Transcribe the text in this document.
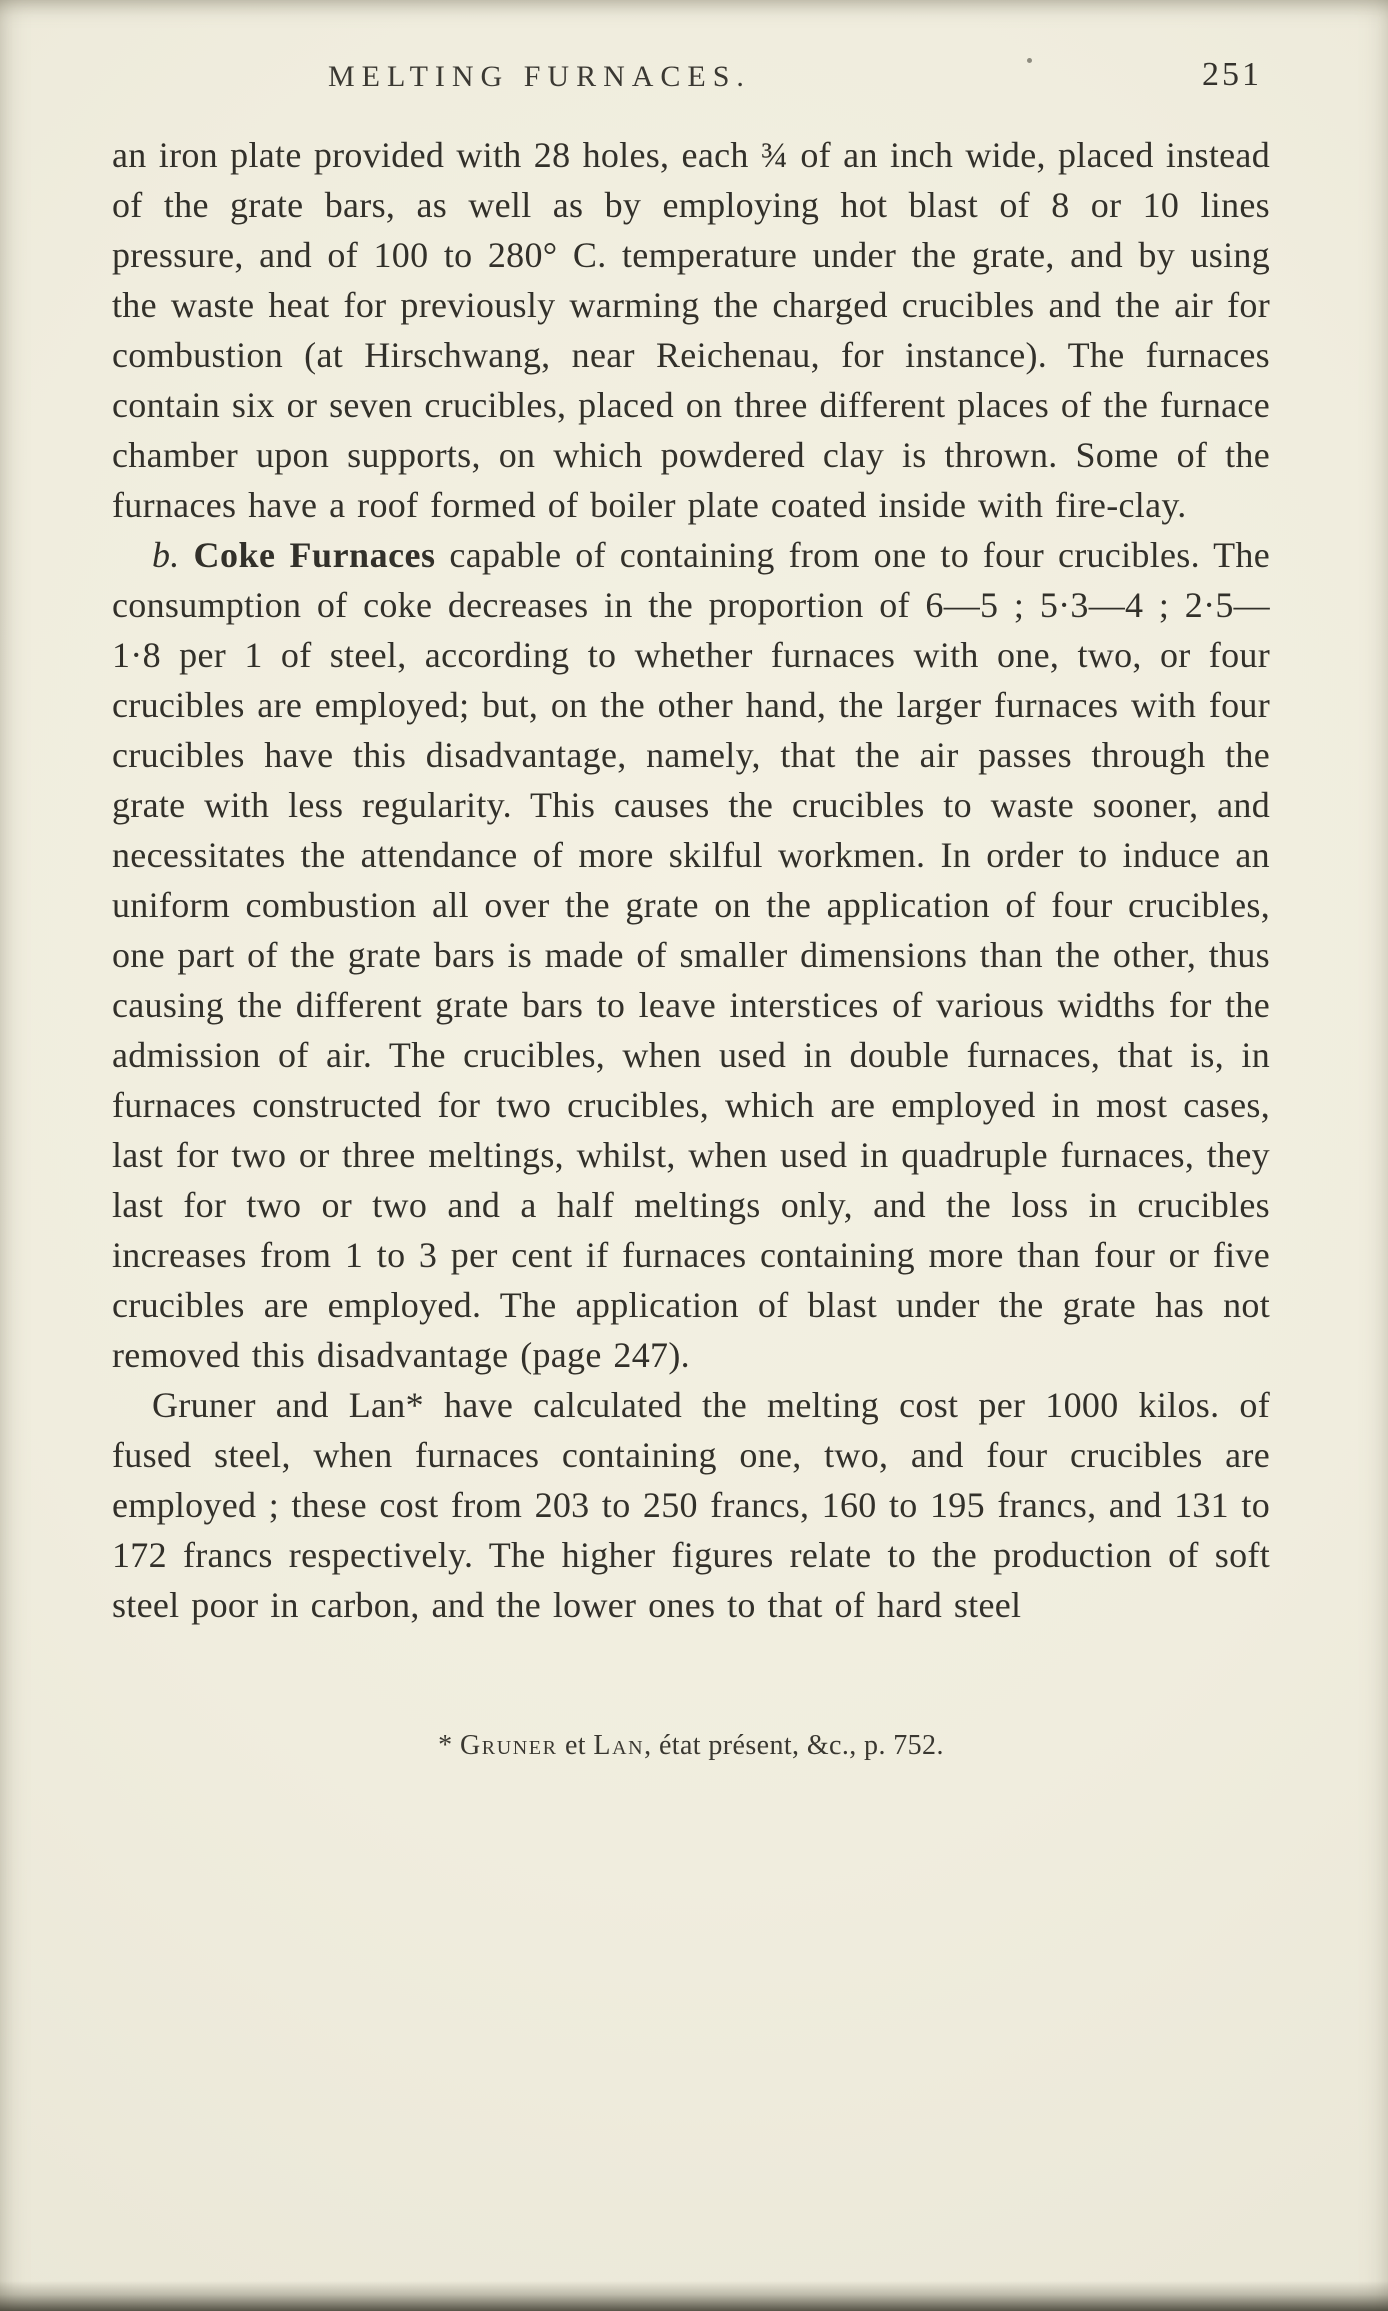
MELTING FURNACES.	251

an iron plate provided with 28 holes, each ¾ of an inch wide, placed instead of the grate bars, as well as by employing hot blast of 8 or 10 lines pressure, and of 100 to 280° C. temperature under the grate, and by using the waste heat for previously warming the charged crucibles and the air for combustion (at Hirschwang, near Reichenau, for instance). The furnaces contain six or seven crucibles, placed on three different places of the furnace chamber upon supports, on which powdered clay is thrown. Some of the furnaces have a roof formed of boiler plate coated inside with fire-clay.

b. Coke Furnaces capable of containing from one to four crucibles. The consumption of coke decreases in the proportion of 6—5 ; 5·3—4 ; 2·5—1·8 per 1 of steel, according to whether furnaces with one, two, or four crucibles are employed; but, on the other hand, the larger furnaces with four crucibles have this disadvantage, namely, that the air passes through the grate with less regularity. This causes the crucibles to waste sooner, and necessitates the attendance of more skilful workmen. In order to induce an uniform combustion all over the grate on the application of four crucibles, one part of the grate bars is made of smaller dimensions than the other, thus causing the different grate bars to leave interstices of various widths for the admission of air. The crucibles, when used in double furnaces, that is, in furnaces constructed for two crucibles, which are employed in most cases, last for two or three meltings, whilst, when used in quadruple furnaces, they last for two or two and a half meltings only, and the loss in crucibles increases from 1 to 3 per cent if furnaces containing more than four or five crucibles are employed. The application of blast under the grate has not removed this disadvantage (page 247).

Gruner and Lan* have calculated the melting cost per 1000 kilos. of fused steel, when furnaces containing one, two, and four crucibles are employed ; these cost from 203 to 250 francs, 160 to 195 francs, and 131 to 172 francs respectively. The higher figures relate to the production of soft steel poor in carbon, and the lower ones to that of hard steel

* Gruner et Lan, état présent, &c., p. 752.
